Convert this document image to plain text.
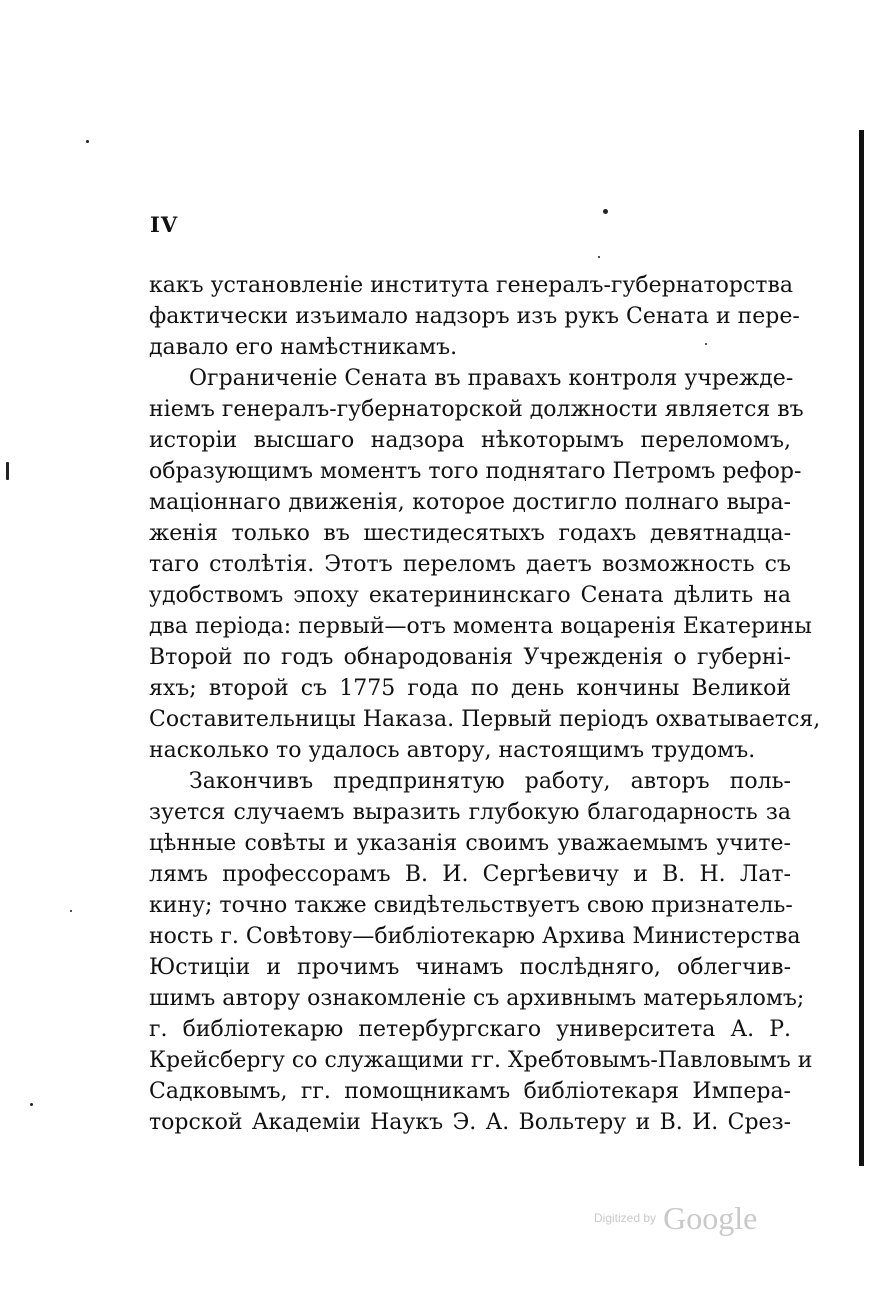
IV
какъ установленіе института генералъ-губернаторства
фактически изъимало надзоръ изъ рукъ Сената и пере-
давало его намѣстникамъ.
Ограниченіе Сената въ правахъ контроля учрежде-
ніемъ генералъ-губернаторской должности является въ
исторіи высшаго надзора нѣкоторымъ переломомъ,
образующимъ моментъ того поднятаго Петромъ рефор-
маціоннаго движенія, которое достигло полнаго выра-
женія только въ шестидесятыхъ годахъ девятнадца-
таго столѣтія. Этотъ переломъ даетъ возможность съ
удобствомъ эпоху екатерининскаго Сената дѣлить на
два періода: первый—отъ момента воцаренія Екатерины
Второй по годъ обнародованія Учрежденія о губерні-
яхъ; второй съ 1775 года по день кончины Великой
Составительницы Наказа. Первый періодъ охватывается,
насколько то удалось автору, настоящимъ трудомъ.
Закончивъ предпринятую работу, авторъ поль-
зуется случаемъ выразить глубокую благодарность за
цѣнные совѣты и указанія своимъ уважаемымъ учите-
лямъ профессорамъ В. И. Сергѣевичу и В. Н. Лат-
кину; точно также свидѣтельствуетъ свою признатель-
ность г. Совѣтову—библіотекарю Архива Министерства
Юстиціи и прочимъ чинамъ послѣдняго, облегчив-
шимъ автору ознакомленіе съ архивнымъ матерьяломъ;
г. библіотекарю петербургскаго университета А. Р.
Крейсбергу со служащими гг. Хребтовымъ-Павловымъ и
Садковымъ, гг. помощникамъ библіотекаря Импера-
торской Академіи Наукъ Э. А. Вольтеру и В. И. Срез-
Digitized by Google
